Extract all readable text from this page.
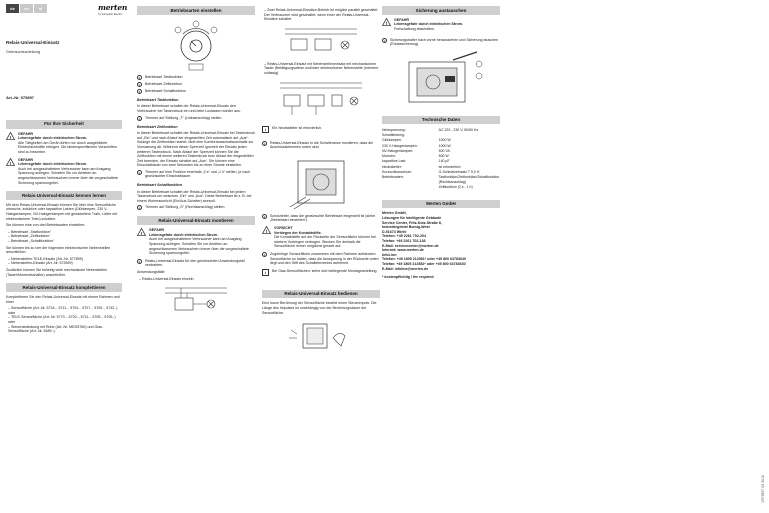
de	en	nl	merten
by Schneider Electric
Relais-Universal-Einsatz
Gebrauchsanleitung
Art.-Nr. 575897
Für Ihre Sicherheit
!
GEFAHR
Lebensgefahr durch elektrischen Strom.
Alle Tätigkeiten am Gerät dürfen nur durch ausgebildete Elektrofachkräfte erfolgen. Die länderspezifischen Vorschriften sind zu beachten.
!
GEFAHR
Lebensgefahr durch elektrischen Strom.
Auch bei ausgeschaltetem Verbraucher kann am Ausgang Spannung anliegen. Schalten Sie vor Arbeiten an angeschlossenen Verbrauchern immer über die vorgeschaltete Sicherung spannungsfrei.
Relais-Universal-Einsatz kennen lernen

Mit dem Relais-Universal-Einsatz können Sie über eine Sensorfläche ohmsche, induktive oder kapazitive Lasten (Glühlampen, 230 V-Halogenlampen, NV-Halogenlampen mit gewickeltem Trafo, Lüfter mit elektronischem Trafo) schalten.

Sie können eine von drei Betriebsarten einstellen:

– Betriebsart „Tastfunktion“
– Betriebsart „Zeitfunktion“
– Betriebsart „Schaltfunktion“

Sie können bis zu vier der folgenden elektronischen Nebenstellen anschließen:

– Nebenstellen-TELE-Einsatz (Art.-Nr. 577899)
– Nebenstellen-Einsatz (Art.-Nr. 572899)

Zusätzlich können Sie beliebig viele mechanische Nebenstellen (Taster/Momentschalter) anschließen.

Relais-Universal-Einsatz komplettieren

Komplettieren Sie den Relais-Universal-Einsatz mit einem Rahmen und einer

– Sensorfläche (Art.-Nr. 5718.., 5711.., 5704.., 5707.., 5709.., 5742..) oder
– TELE-Sensorfläche (Art.-Nr. 5770.., 5720.., 5711.., 5705.., 5705..) oder
– Steuerabdeckung mit Ruhe (Art.-Nr. MEG5760) und Glas-Sensorfläche (Art.-Nr. 5489..).
Betriebsarten einstellen
1	Betriebsart Tastfunktion
2	Betriebsart Zeitfunktion
3	Betriebsart Schaltfunktion
Betriebsart Tastfunktion

In dieser Betriebsart schaltet der Relais-Universal-Einsatz den Verbraucher bei Tastendruck ein und beim Loslassen wieder aus.

1	Trimmer auf Stellung „T“ (Linksanschlag) stellen.
Betriebsart Zeitfunktion

In dieser Betriebsart schaltet der Relais-Universal-Einsatz bei Tastendruck auf „Ein“ und nach Ablauf der eingestellten Zeit automatisch auf „Aus“. Solange die Zeitfunktion startet, läuft eine Komfortausschaltautomatik zur Vorwarnung ab. Während dieser Sperrzeit ignoriert der Einsatz jeden weiteren Tastendruck. Nach Ablauf der Sperrzeit können Sie die Zeitfunktion mit einem weiteren Tastendruck bzw. Ablauf der eingestellten Zeit beenden, der Einsatz schaltet auf „Aus“. Sie können eine Einschaltdauer von zwei Sekunden bis zu einer Stunde einstellen.

1	Trimmer auf eine Position innerhalb „0 s“ und „1 h“ stellen, je nach gewünschter Einschaltdauer.
Betriebsart Schaltfunktion

In dieser Betriebsart schaltet der Relais-Universal-Einsatz bei jedem Tastendruck um zwischen „Ein“ und „Aus“. Diese Betriebsart ist z. B. bei einem Wohnraumlicht (Ein/Aus-Schalter) sinnvoll.

1	Trimmer auf Stellung „S“ (Rechtsanschlag) stellen.
Relais-Universal-Einsatz montieren
!
GEFAHR
Lebensgefahr durch elektrischen Strom.
Auch bei ausgeschaltetem Verbraucher kann am Ausgang Spannung anliegen. Schalten Sie vor Arbeiten an angeschlossenen Verbrauchern immer über die vorgeschaltete Sicherung spannungsfrei.
1	Relais-Universal-Einsatz für den gewünschten Anwendungsfall verdrahten.

Anwendungsfälle:

– Relais-Universal-Einsatz einzeln
– Zwei Relais-Universal-Einsätze-Betrieb ist möglich parallel geschaltet. Der Verbraucher wird geschaltet, wenn einer der Relais-Universal-Einsätze schaltet.
– Relais-Universal-Einsatz mit Nebenstelleneinsatz mit mechanischem Taster (Betätigungsweise und/oder elektronischer Nebenstelle (mehrere zulässig).
i	Ein Neutralleiter ist erforderlich.
2	Relais-Universal-Einsatz in die Schalterdose montieren, dass die Anschlussklemmen unten sind.
3	Schutzleiter, dass die gewünschte Betriebsart eingestellt ist (siehe „Betriebsart einstellen“).
!
VORSICHT
Verbiegen der Kontaktstifte.
Die Kontaktstifte auf der Rückseite der Sensorfläche können bei starkem Verbiegen verbogen. Stecken Sie deshalb die Sensorfläche immer möglichst gerade auf.
4	Zugehörige Sensorfläche zusammen mit dem Rahmen aufstecken. Sensorfläche so halten, dass die Aussparung in der Rückseite unten liegt und den Stift des Schaltelementes aufnimmt.
i	Bei Glas-Sensorflächen: siehe dort beiliegende Montageanleitung.
Relais-Universal-Einsatz bedienen

Eine kurze Berührung der Sensorfläche bewirkt einen Steuerimpuls. Die Länge des Impulses ist unabhängig von der Berührungsdauer der Sensorfläche.

Sicherung austauschen
!
GEFAHR
Lebensgefahr durch elektrischen Strom.
Freischaltung abschalten.
1	Sicherungshalter nach vorne herausziehen und Sicherung tauschen (Ersatzsicherung).
Technische Daten
Netzspannung:	AC 220 - 230 V, 50/60 Hz
Schaltleistung:	
Glühlampen:	1000 W
230 V-Halogenlampen:	1000 W
NV-Halogenlampen:	500 VA
Motoren:	500 W
kapazitive Last:	140 µF
Neutralleiter:	ist erforderlich
Kurzschlussschutz:	G-Schmelzeinsatz T 5,0 H
Betriebsarten:	Tastfunktion/Zeitfunktion/Schaltfunktion (Rechtsanschlag)
	Zeitfunktion (2 s - 1 h)
Merten GmbH
Merten GmbH,
Lösungen für intelligente Gebäude
Service Center, Fritz-Kotz-Straße 8,
Industriegebiet Bomig-West
D-51674 Wiehl
Telefon: +49 2261 702-204
Telefax: +49 2261 702-136
E-Mail: servicecenter@merten.de
Internet: www.merten.de
InfoLine:
Telefon: +49 1805 212581* oder +49 800 63783640
Telefax: +49 1805 212582* oder +49 800 63783630
E-Mail: infoline@merten.de

* kostenpflichtig / fee required

V575897 03 2010
